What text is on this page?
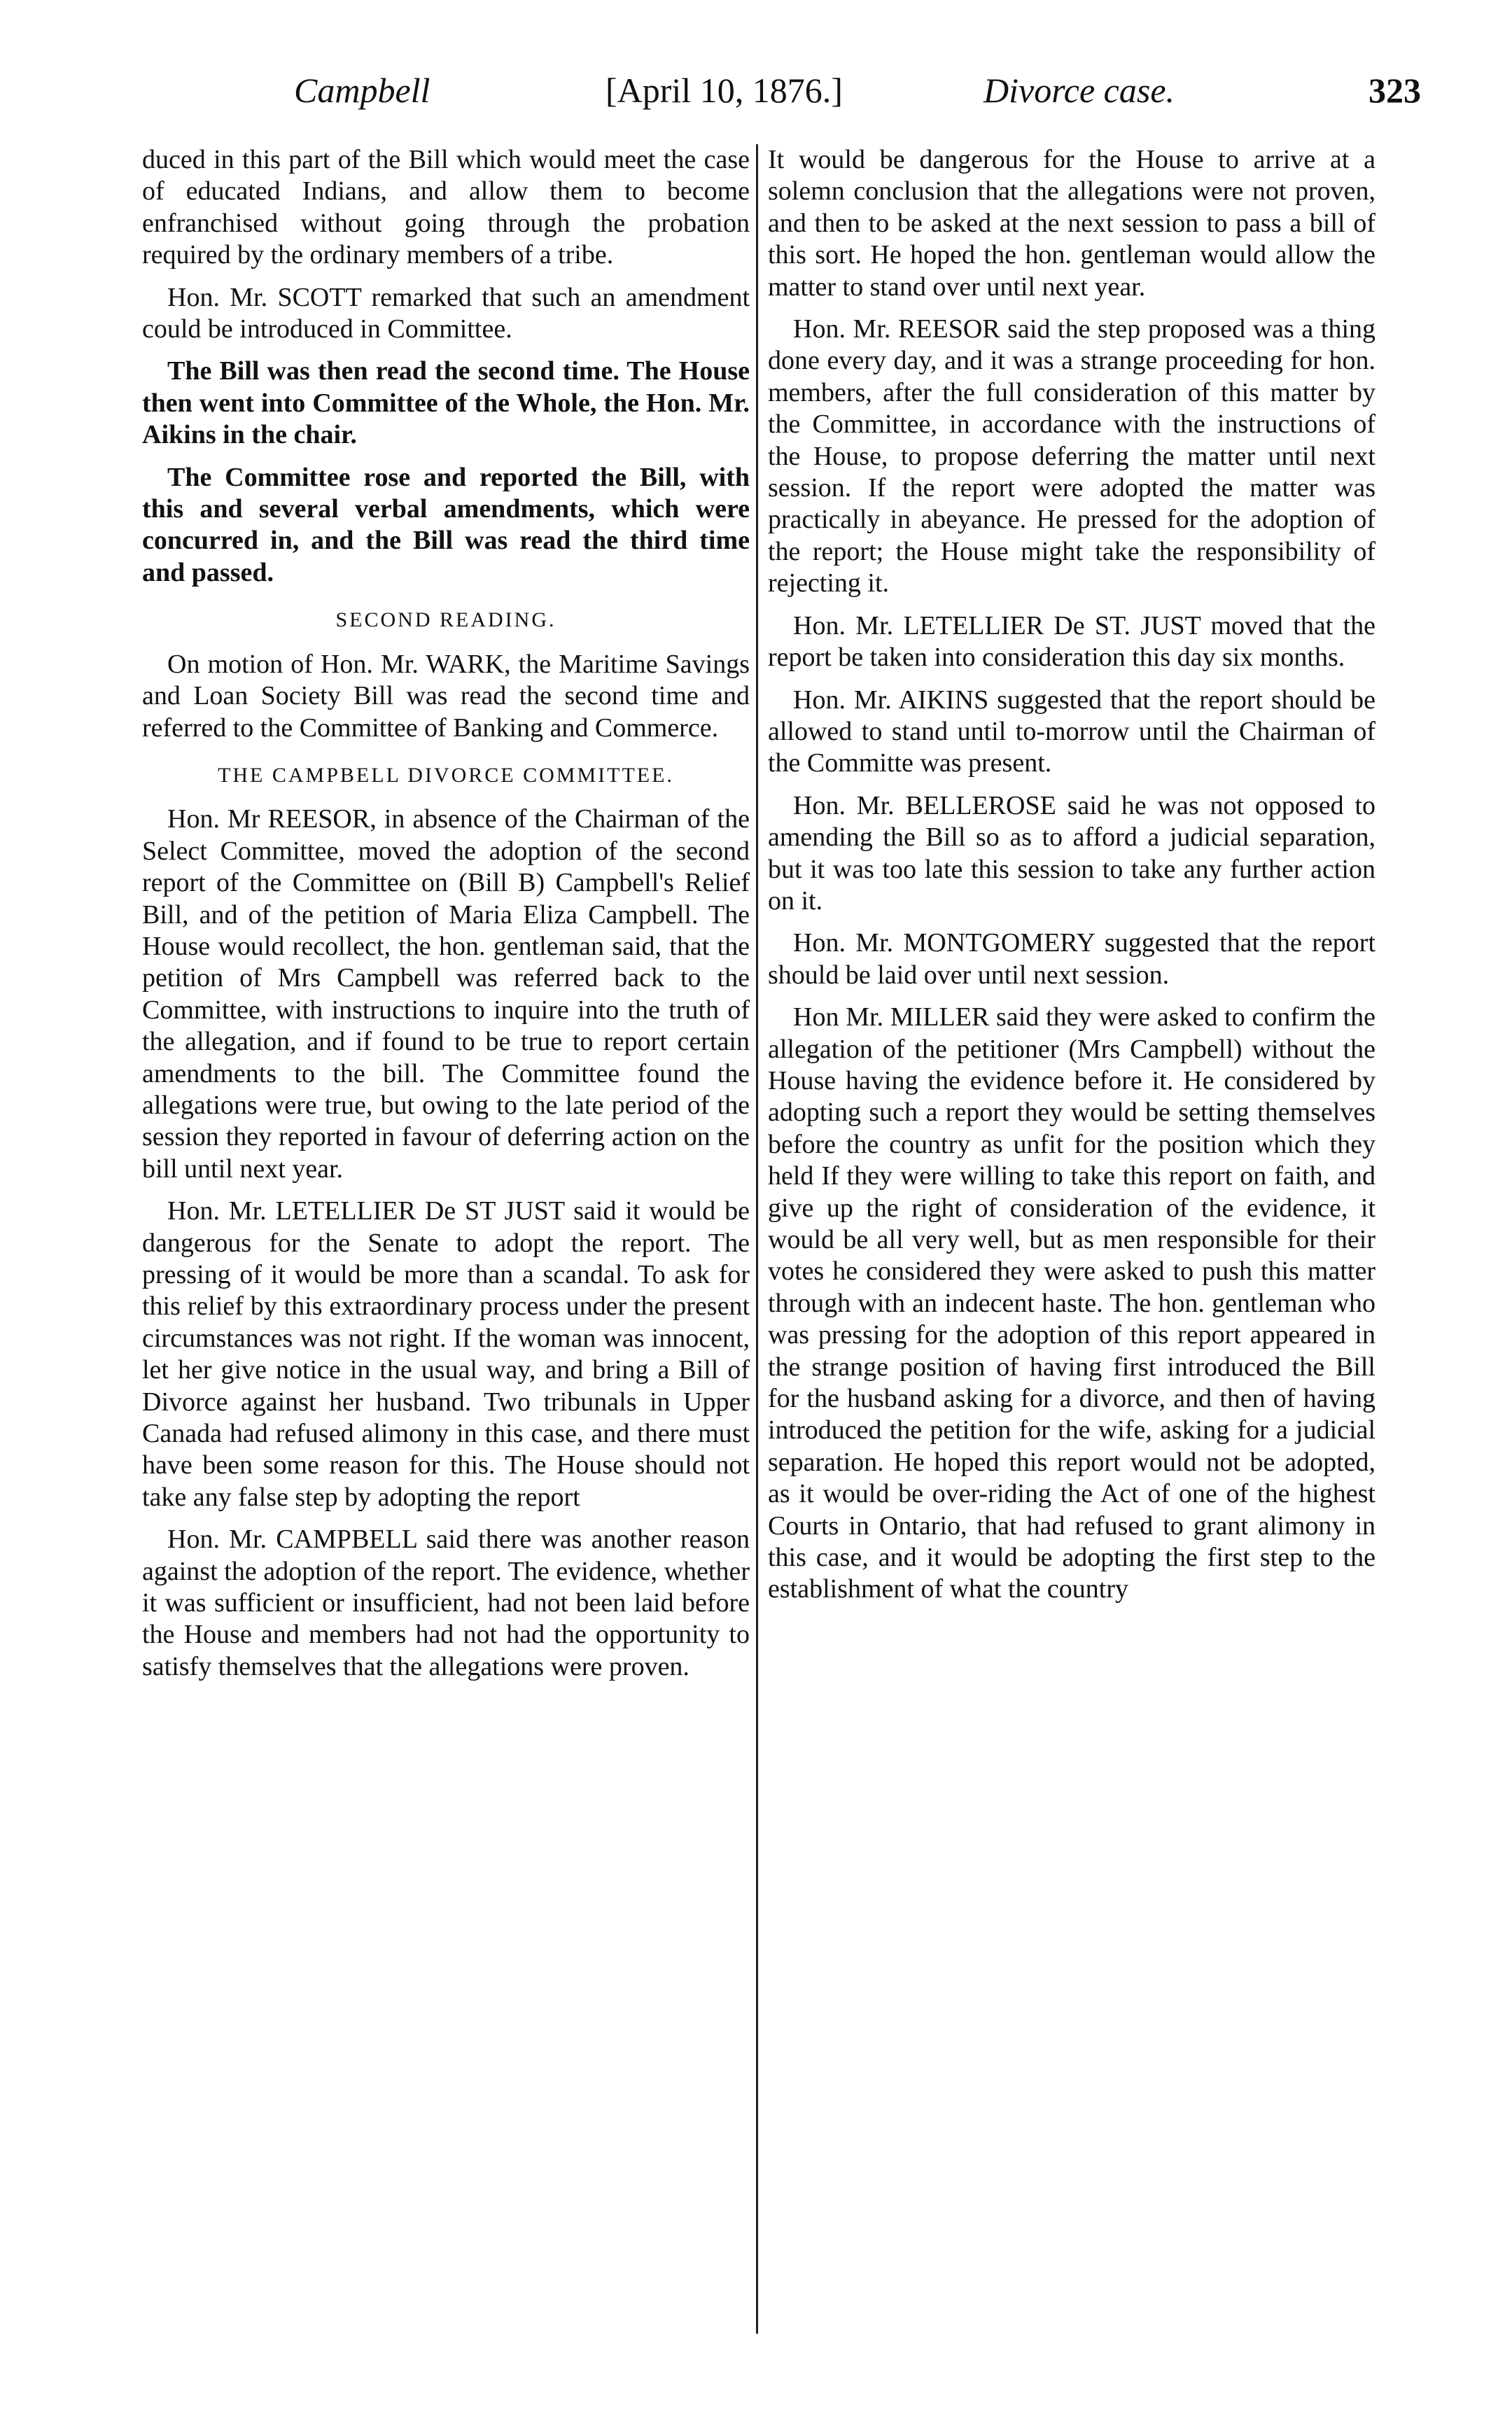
Campbell	[April 10, 1876.]	Divorce case.	323

duced in this part of the Bill which would meet the case of educated Indians, and allow them to become enfranchised without going through the probation required by the ordinary members of a tribe.

Hon. Mr. SCOTT remarked that such an amendment could be introduced in Committee.

The Bill was then read the second time. The House then went into Committee of the Whole, the Hon. Mr. Aikins in the chair.

The Committee rose and reported the Bill, with this and several verbal amendments, which were concurred in, and the Bill was read the third time and passed.

SECOND READING.

On motion of Hon. Mr. WARK, the Maritime Savings and Loan Society Bill was read the second time and referred to the Committee of Banking and Commerce.

THE CAMPBELL DIVORCE COMMITTEE.

Hon. Mr REESOR, in absence of the Chairman of the Select Committee, moved the adoption of the second report of the Committee on (Bill B) Campbell's Relief Bill, and of the petition of Maria Eliza Campbell. The House would recollect, the hon. gentleman said, that the petition of Mrs Campbell was referred back to the Committee, with instructions to inquire into the truth of the allegation, and if found to be true to report certain amendments to the bill. The Committee found the allegations were true, but owing to the late period of the session they reported in favour of deferring action on the bill until next year.

Hon. Mr. LETELLIER De ST JUST said it would be dangerous for the Senate to adopt the report. The pressing of it would be more than a scandal. To ask for this relief by this extraordinary process under the present circumstances was not right. If the woman was innocent, let her give notice in the usual way, and bring a Bill of Divorce against her husband. Two tribunals in Upper Canada had refused alimony in this case, and there must have been some reason for this. The House should not take any false step by adopting the report

Hon. Mr. CAMPBELL said there was another reason against the adoption of the report. The evidence, whether it was sufficient or insufficient, had not been laid before the House and members had not had the opportunity to satisfy themselves that the allegations were proven.

It would be dangerous for the House to arrive at a solemn conclusion that the allegations were not proven, and then to be asked at the next session to pass a bill of this sort. He hoped the hon. gentleman would allow the matter to stand over until next year.

Hon. Mr. REESOR said the step proposed was a thing done every day, and it was a strange proceeding for hon. members, after the full consideration of this matter by the Committee, in accordance with the instructions of the House, to propose deferring the matter until next session. If the report were adopted the matter was practically in abeyance. He pressed for the adoption of the report; the House might take the responsibility of rejecting it.

Hon. Mr. LETELLIER De ST. JUST moved that the report be taken into consideration this day six months.

Hon. Mr. AIKINS suggested that the report should be allowed to stand until to-morrow until the Chairman of the Committe was present.

Hon. Mr. BELLEROSE said he was not opposed to amending the Bill so as to afford a judicial separation, but it was too late this session to take any further action on it.

Hon. Mr. MONTGOMERY suggested that the report should be laid over until next session.

Hon Mr. MILLER said they were asked to confirm the allegation of the petitioner (Mrs Campbell) without the House having the evidence before it. He considered by adopting such a report they would be setting themselves before the country as unfit for the position which they held If they were willing to take this report on faith, and give up the right of consideration of the evidence, it would be all very well, but as men responsible for their votes he considered they were asked to push this matter through with an indecent haste. The hon. gentleman who was pressing for the adoption of this report appeared in the strange position of having first introduced the Bill for the husband asking for a divorce, and then of having introduced the petition for the wife, asking for a judicial separation. He hoped this report would not be adopted, as it would be over-riding the Act of one of the highest Courts in Ontario, that had refused to grant alimony in this case, and it would be adopting the first step to the establishment of what the country
